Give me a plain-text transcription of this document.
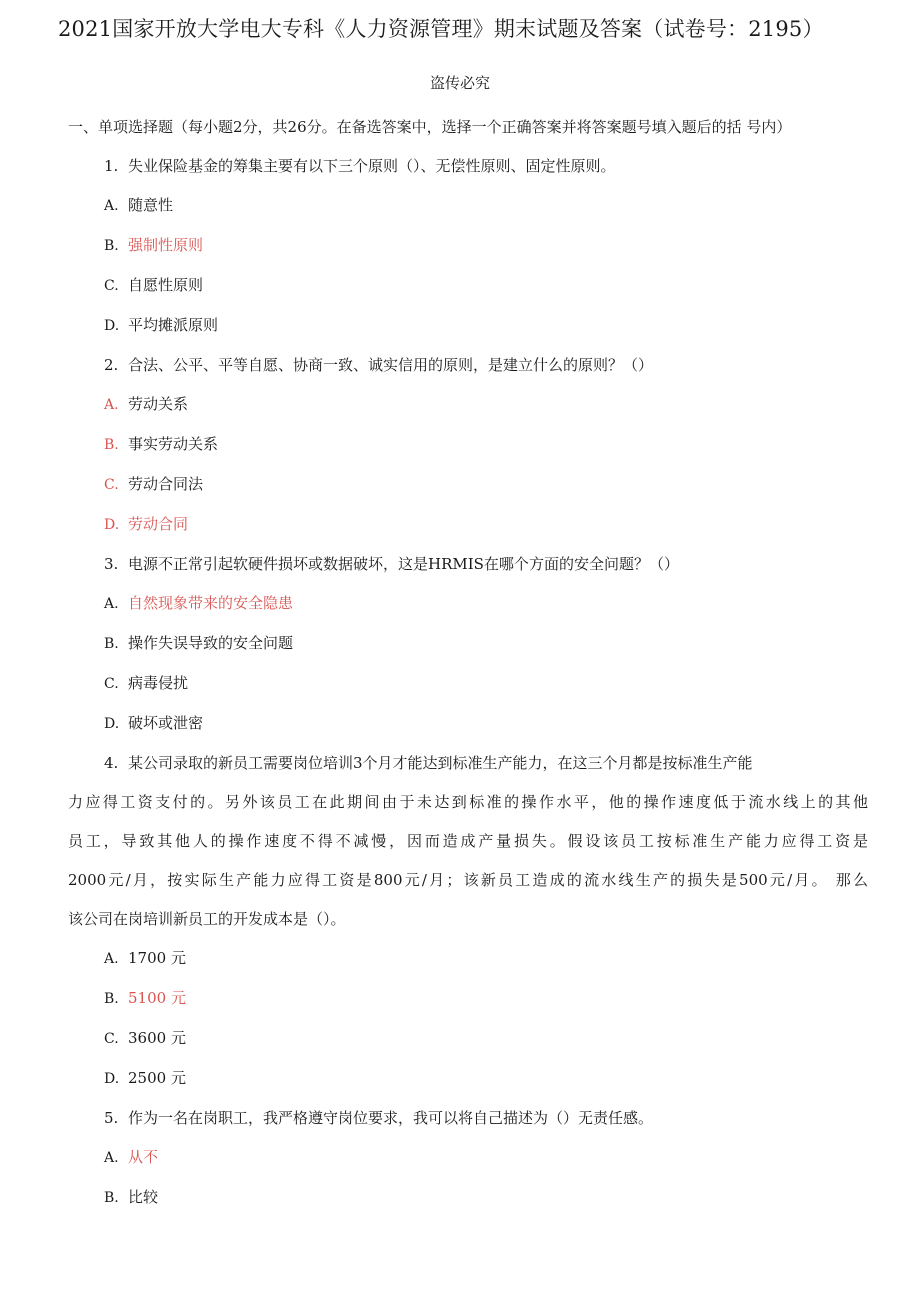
2021国家开放大学电大专科《人力资源管理》期末试题及答案（试卷号：2195）
盗传必究

一、单项选择题（每小题2分，共26分。在备选答案中，选择一个正确答案并将答案题号填入题后的括 号内）

1. 失业保险基金的筹集主要有以下三个原则（）、无偿性原则、固定性原则。

A. 随意性

B. 强制性原则

C. 自愿性原则

D. 平均摊派原则

2. 合法、公平、平等自愿、协商一致、诚实信用的原则，是建立什么的原则？（）

A. 劳动关系

B. 事实劳动关系

C. 劳动合同法

D. 劳动合同

3. 电源不正常引起软硬件损坏或数据破坏，这是HRMIS在哪个方面的安全问题？（）

A. 自然现象带来的安全隐患

B. 操作失误导致的安全问题

C. 病毒侵扰

D. 破坏或泄密

4. 某公司录取的新员工需要岗位培训3个月才能达到标准生产能力，在这三个月都是按标准生产能

力应得工资支付的。另外该员工在此期间由于未达到标准的操作水平，他的操作速度低于流水线上的其他

员工，导致其他人的操作速度不得不减慢，因而造成产量损失。假设该员工按标准生产能力应得工资是

2000元/月，按实际生产能力应得工资是800元/月；该新员工造成的流水线生产的损失是500元/月。 那么

该公司在岗培训新员工的开发成本是（）。

A. 1700 元

B. 5100 元

C. 3600 元

D. 2500 元

5. 作为一名在岗职工，我严格遵守岗位要求，我可以将自己描述为（）无责任感。

A. 从不

B. 比较
